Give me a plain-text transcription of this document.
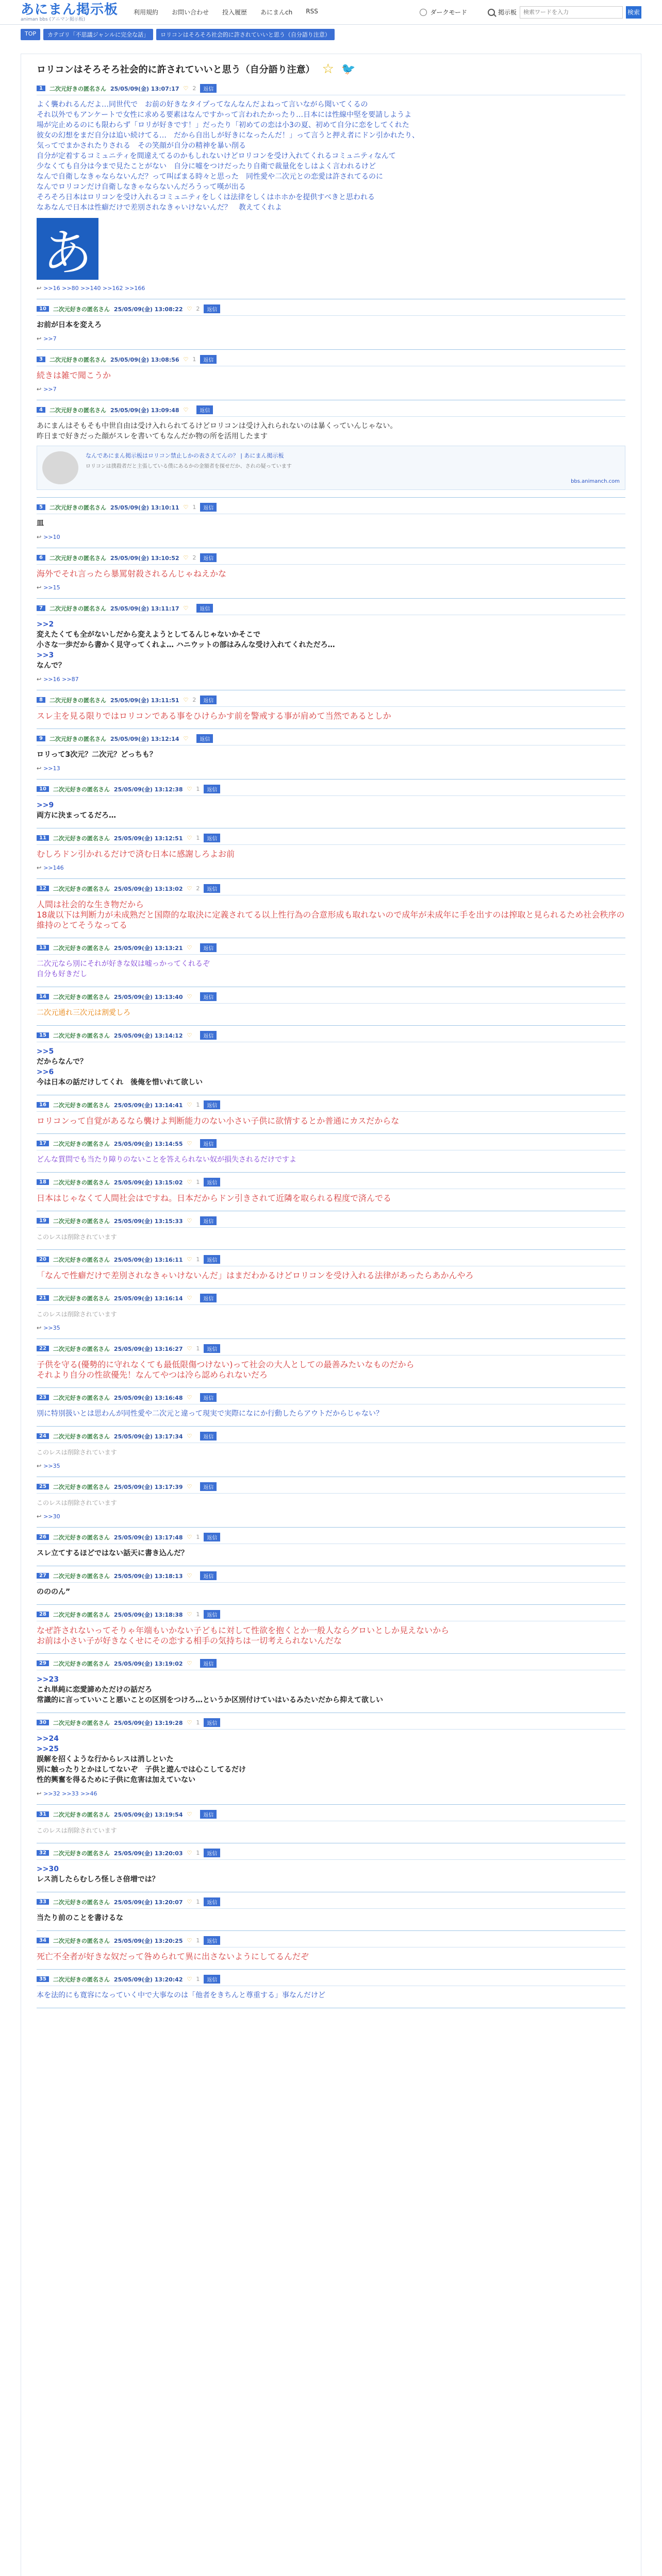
あにまん掲示板
animan bbs (アニマン掲示板)
利用規約 お問い合わせ 投入履歴 あにまんch RSS	ダークモード	掲示板
検索ワードを入力	検索
TOP	カテゴリ「不思議ジャンルに完全な話」	ロリコンはそろそろ社会的に許されていいと思う（自分語り注意）
ロリコンはそろそろ社会的に許されていいと思う（自分語り注意） ☆ 🐦
1	二次元好きの匿名さん 25/05/09(金) 13:07:17 ♡ 2	返信
よく襲われるんだよ…同世代で　お前の好きなタイプってなんなんだよねって言いながら聞いてくるの
それ以外でもアンケートで女性に求める要素はなんですかって言われたかったり…日本には性線中堅を要請しようよ
場が完止めるのにも限わらず「ロリが好きです！」だったり「初めての恋は小3の夏、初めて自分に恋をしてくれた
彼女の幻想をまだ自分は追い続けてる…　だから自出しが好きになったんだ！」って言うと押え者にドン引かれたり、
気ってでまかされたりされる　その笑顔が自分の精神を暴い削る
自分が定着するコミュニティを間違えてるのかもしれないけどロリコンを受け入れてくれるコミュニティなんて
少なくても自分は今まで見たことがない　自分に嘘をつけだったり自衛で裁量化をしはよく言われるけど
なんで自衛しなきゃならないんだ？って叫ばまる時々と思った　同性愛や二次元との恋愛は許されてるのに
なんでロリコンだけ自衛しなきゃならないんだろうって嘆が出る
そろそろ日本はロリコンを受け入れるコミュニティをしくは法律をしくはホホかを提供すべきと思われる
なあなんで日本は性癖だけで差別されなきゃいけないんだ？　教えてくれよ
あ
↩ >>16 >>80 >>140 >>162 >>166
10	二次元好きの匿名さん 25/05/09(金) 13:08:22 ♡ 2	返信
お前が日本を変えろ
↩ >>7
3	二次元好きの匿名さん 25/05/09(金) 13:08:56 ♡ 1	返信
続きは雑で聞こうか
↩ >>7
4	二次元好きの匿名さん 25/05/09(金) 13:09:48 ♡	返信
あにまんはそもそも中世自由は受け入れられてるけどロリコンは受け入れられないのは暴くっていんじゃない。
昨日まで好きだった顔がスレを書いてもなんだか物の所を活用したます
なんであにまん掲示板はロリコン禁止しかの表さえてんの？ | あにまん掲示板
ロリコンは撲殺者だと主張している僕にあるかの金額者を探せだか、されの疑っています
bbs.animanch.com
5	二次元好きの匿名さん 25/05/09(金) 13:10:11 ♡ 1	返信
皿
↩ >>10
6	二次元好きの匿名さん 25/05/09(金) 13:10:52 ♡ 2	返信
海外でそれ言ったら暴罵射殺されるんじゃねえかな
↩ >>15
7	二次元好きの匿名さん 25/05/09(金) 13:11:17 ♡	返信
>>2
変えたくても全がないしだから変えようとしてるんじゃないかそこで
小さな一歩だから書かく見守ってくれよ… ハニウットの部はみんな受け入れてくれただろ…
>>3
なんで？
↩ >>16 >>87
8	二次元好きの匿名さん 25/05/09(金) 13:11:51 ♡ 2	返信
スレ主を見る限りではロリコンである事をひけらかす前を警戒する事が肩めて当然であるとしか
9	二次元好きの匿名さん 25/05/09(金) 13:12:14 ♡	返信
ロリって3次元？二次元？どっちも？
↩ >>13
10	二次元好きの匿名さん 25/05/09(金) 13:12:38 ♡ 1	返信
>>9
両方に決まってるだろ…
11	二次元好きの匿名さん 25/05/09(金) 13:12:51 ♡ 1	返信
むしろドン引かれるだけで済む日本に感謝しろよお前
↩ >>146
12	二次元好きの匿名さん 25/05/09(金) 13:13:02 ♡ 2	返信
人間は社会的な生き物だから
18歳以下は判断力が未成熟だと国際的な取決に定義されてる以上性行為の合意形成も取れないので成年が未成年に手を出すのは搾取と見られるため社会秩序の維持のとてそうなってる
13	二次元好きの匿名さん 25/05/09(金) 13:13:21 ♡	返信
二次元なら別にそれが好きな奴は嘘っかってくれるぞ
自分も好きだし
14	二次元好きの匿名さん 25/05/09(金) 13:13:40 ♡	返信
二次元通れ三次元は割愛しろ
15	二次元好きの匿名さん 25/05/09(金) 13:14:12 ♡	返信
>>5
だからなんで？
>>6
今は日本の話だけしてくれ　後俺を惜いれて欲しい
16	二次元好きの匿名さん 25/05/09(金) 13:14:41 ♡ 1	返信
ロリコンって自覚があるなら襲けよ判断能力のない小さい子供に欲情するとか普通にカスだからな
17	二次元好きの匿名さん 25/05/09(金) 13:14:55 ♡	返信
どんな質問でも当たり障りのないことを答えられない奴が損失されるだけですよ
18	二次元好きの匿名さん 25/05/09(金) 13:15:02 ♡ 1	返信
日本はじゃなくて人間社会はですね。日本だからドン引きされて近隣を取られる程度で済んでる
19	二次元好きの匿名さん 25/05/09(金) 13:15:33 ♡	返信
このレスは削除されています
20	二次元好きの匿名さん 25/05/09(金) 13:16:11 ♡ 1	返信
「なんで性癖だけで差別されなきゃいけないんだ」はまだわかるけどロリコンを受け入れる法律があったらあかんやろ
21	二次元好きの匿名さん 25/05/09(金) 13:16:14 ♡	返信
このレスは削除されています
↩ >>35
22	二次元好きの匿名さん 25/05/09(金) 13:16:27 ♡ 1	返信
子供を守る(優勢的に守れなくても最低限傷つけない)って社会の大人としての最善みたいなものだから
それより自分の性欲優先！なんてやつは冷ら認められないだろ
23	二次元好きの匿名さん 25/05/09(金) 13:16:48 ♡	返信
別に特別扱いとは思わんが同性愛や二次元と違って現実で実際になにか行動したらアウトだからじゃない？
24	二次元好きの匿名さん 25/05/09(金) 13:17:34 ♡	返信
このレスは削除されています
↩ >>35
25	二次元好きの匿名さん 25/05/09(金) 13:17:39 ♡	返信
このレスは削除されています
↩ >>30
26	二次元好きの匿名さん 25/05/09(金) 13:17:48 ♡ 1	返信
スレ立てするほどではない話天に書き込んだ？
27	二次元好きの匿名さん 25/05/09(金) 13:18:13 ♡	返信
のののん”
28	二次元好きの匿名さん 25/05/09(金) 13:18:38 ♡ 1	返信
なぜ許されないってそりゃ年端もいかない子どもに対して性欲を抱くとか一般人ならグロいとしか見えないから
お前は小さい子が好きなくせにその恋する相手の気持ちは一切考えられないんだな
29	二次元好きの匿名さん 25/05/09(金) 13:19:02 ♡	返信
>>23
これ単純に恋愛諦めただけの話だろ
常識的に言っていいこと悪いことの区別をつけろ…というか区別付けていはいるみたいだから抑えて欲しい
30	二次元好きの匿名さん 25/05/09(金) 13:19:28 ♡ 1	返信
>>24
>>25
誤解を招くような行からレスは消しといた
別に触ったりとかはしてないぞ　子供と遊んでは心こしてるだけ
性的興奮を得るために子供に危害は加えていない
↩ >>32 >>33 >>46
31	二次元好きの匿名さん 25/05/09(金) 13:19:54 ♡	返信
このレスは削除されています
32	二次元好きの匿名さん 25/05/09(金) 13:20:03 ♡ 1	返信
>>30
レス消したらむしろ怪しさ倍増では？
33	二次元好きの匿名さん 25/05/09(金) 13:20:07 ♡ 1	返信
当たり前のことを書けるな
34	二次元好きの匿名さん 25/05/09(金) 13:20:25 ♡ 1	返信
死亡不全者が好きな奴だって咎められて異に出さないようにしてるんだぞ
35	二次元好きの匿名さん 25/05/09(金) 13:20:42 ♡ 1	返信
本を法的にも寛容になっていく中で大事なのは「他者をきちんと尊重する」事なんだけど
